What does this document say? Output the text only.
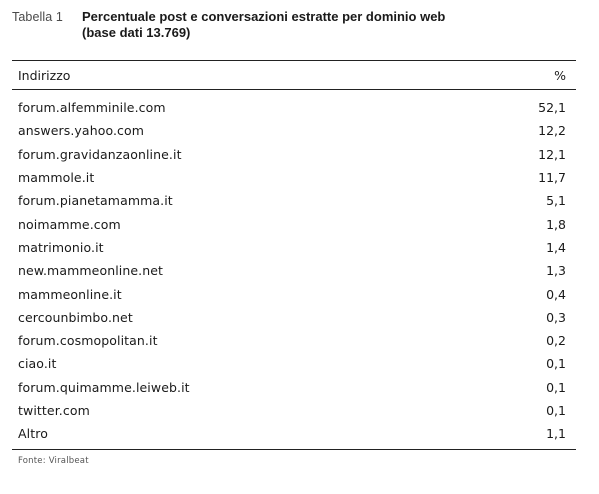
Tabella 1	Percentuale post e conversazioni estratte per dominio web
(base dati 13.769)
Indirizzo	%
forum.alfemminile.com	52,1
answers.yahoo.com	12,2
forum.gravidanzaonline.it	12,1
mammole.it	11,7
forum.pianetamamma.it	5,1
noimamme.com	1,8
matrimonio.it	1,4
new.mammeonline.net	1,3
mammeonline.it	0,4
cercounbimbo.net	0,3
forum.cosmopolitan.it	0,2
ciao.it	0,1
forum.quimamme.leiweb.it	0,1
twitter.com	0,1
Altro	1,1
Fonte: Viralbeat
